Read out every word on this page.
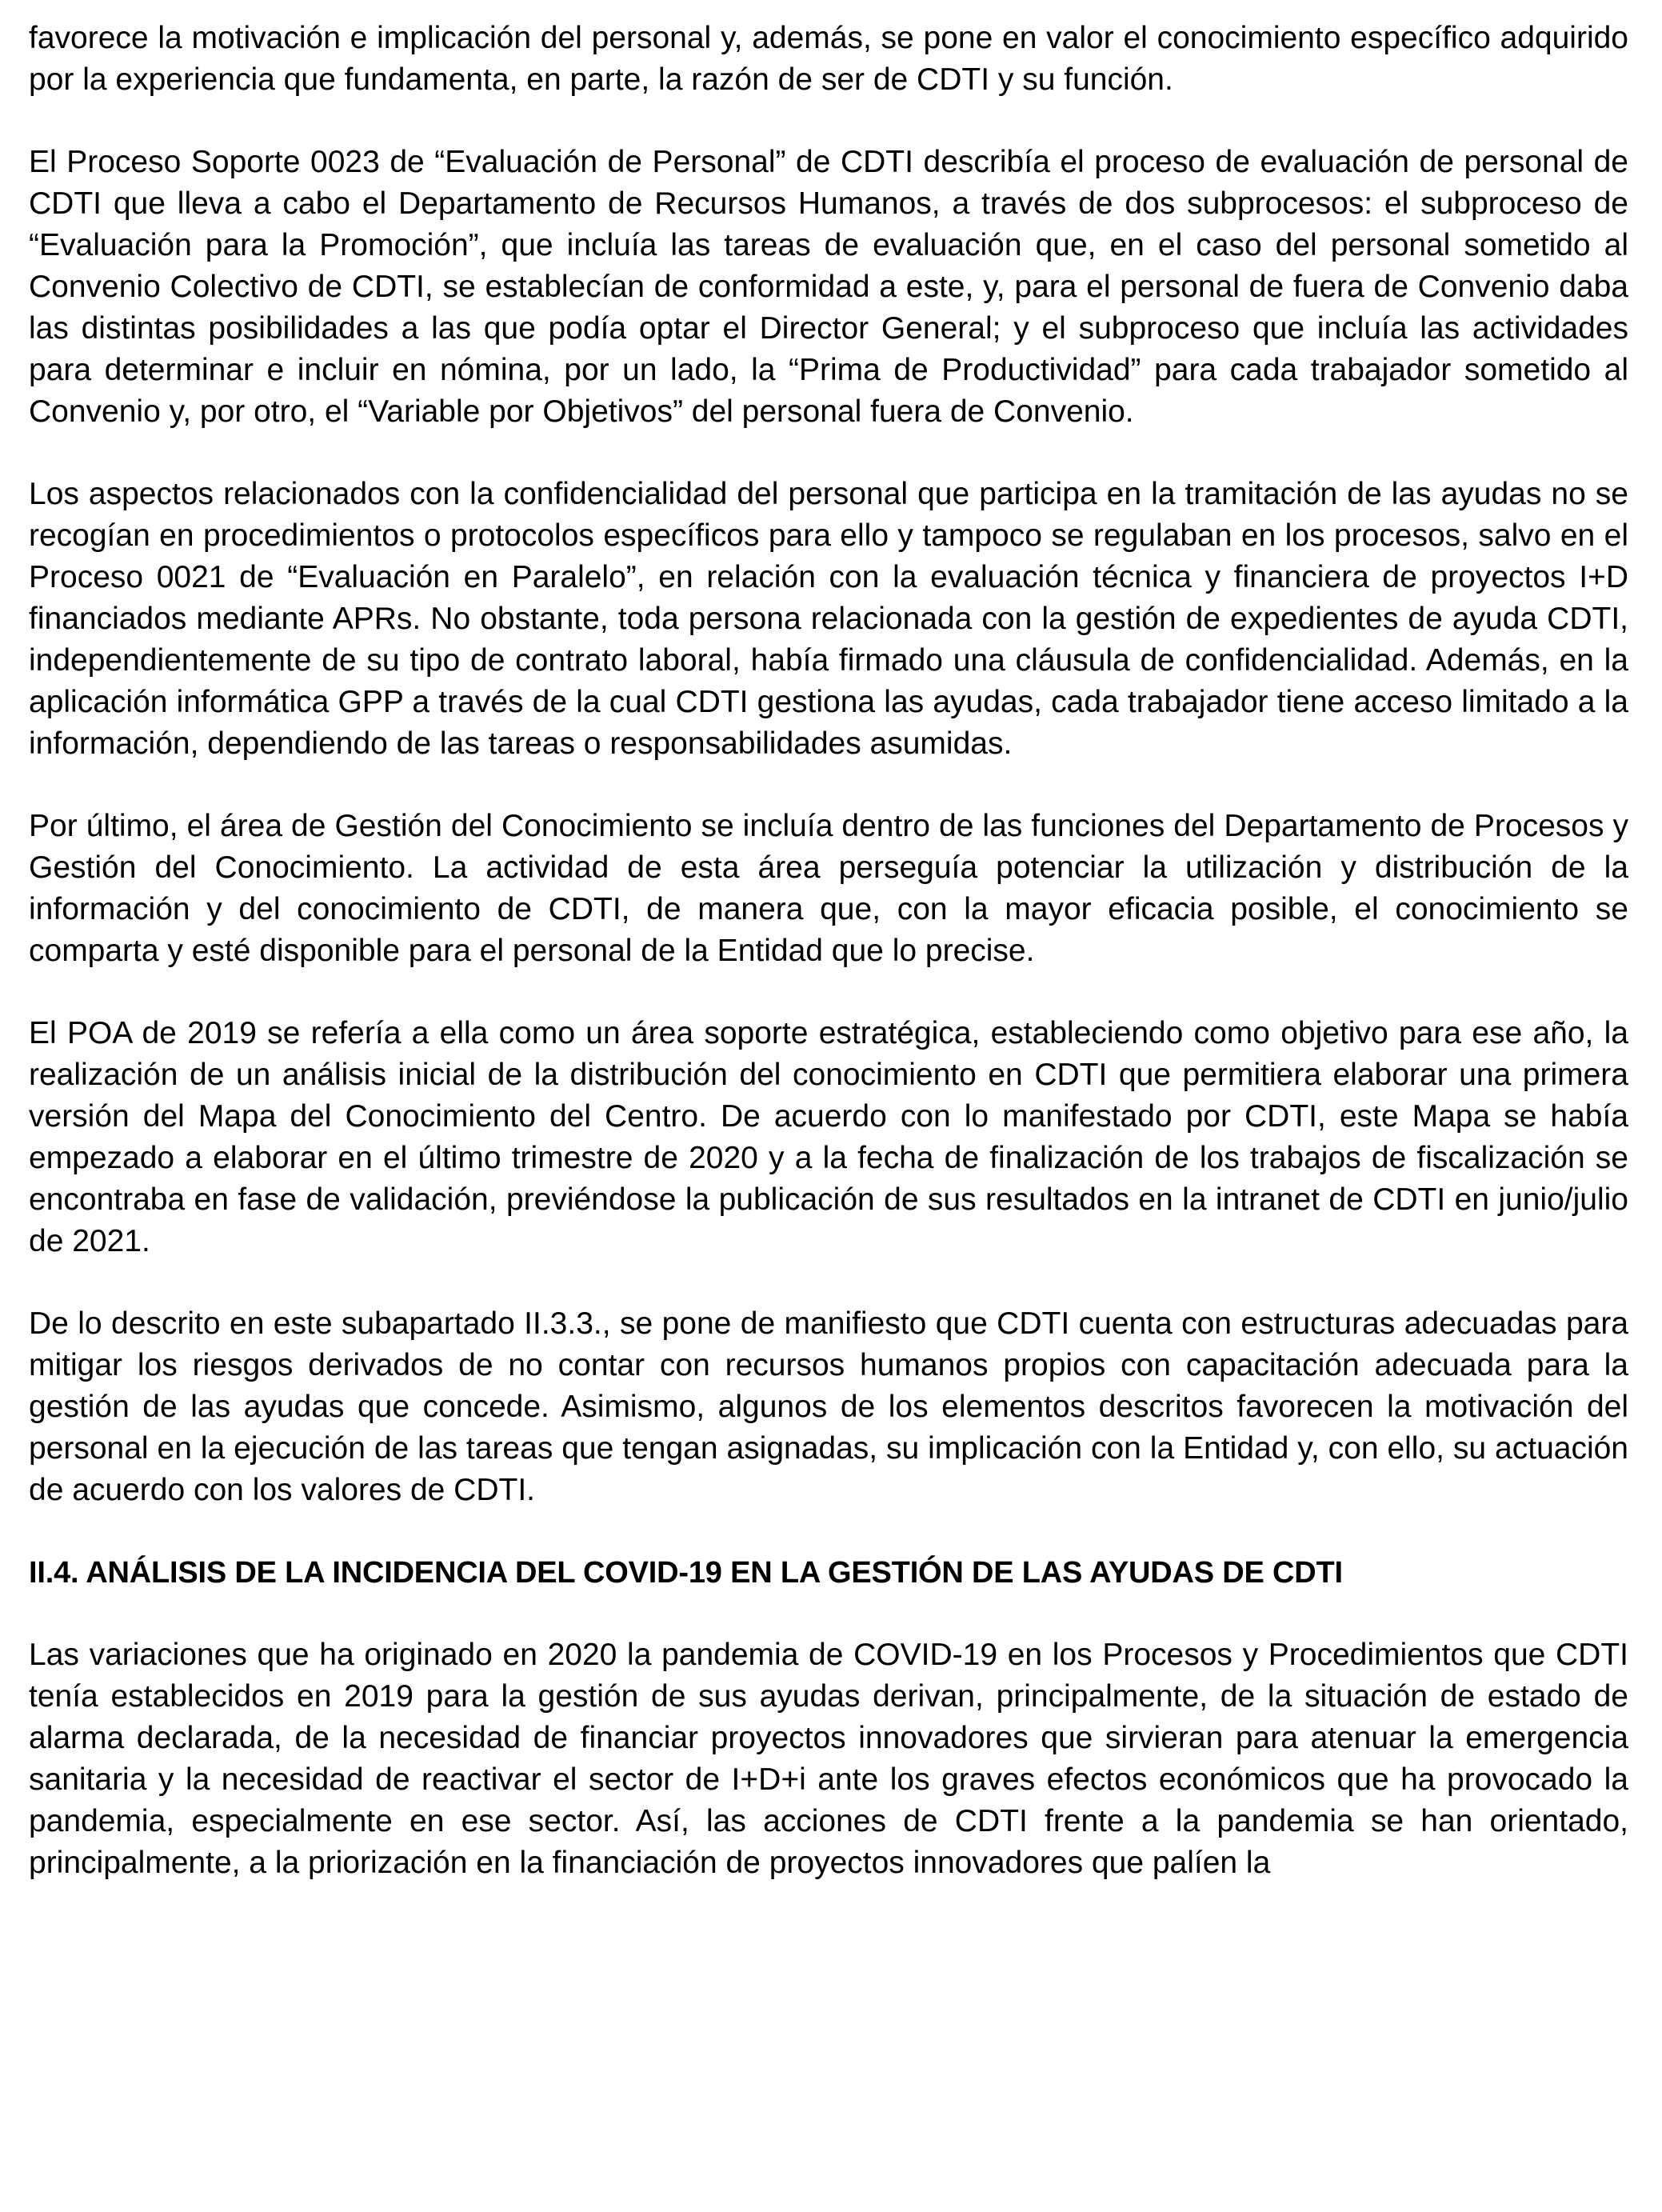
favorece la motivación e implicación del personal y, además, se pone en valor el conocimiento específico adquirido por la experiencia que fundamenta, en parte, la razón de ser de CDTI y su función.

El Proceso Soporte 0023 de “Evaluación de Personal” de CDTI describía el proceso de evaluación de personal de CDTI que lleva a cabo el Departamento de Recursos Humanos, a través de dos subprocesos: el subproceso de “Evaluación para la Promoción”, que incluía las tareas de evaluación que, en el caso del personal sometido al Convenio Colectivo de CDTI, se establecían de conformidad a este, y, para el personal de fuera de Convenio daba las distintas posibilidades a las que podía optar el Director General; y el subproceso que incluía las actividades para determinar e incluir en nómina, por un lado, la “Prima de Productividad” para cada trabajador sometido al Convenio y, por otro, el “Variable por Objetivos” del personal fuera de Convenio.

Los aspectos relacionados con la confidencialidad del personal que participa en la tramitación de las ayudas no se recogían en procedimientos o protocolos específicos para ello y tampoco se regulaban en los procesos, salvo en el Proceso 0021 de “Evaluación en Paralelo”, en relación con la evaluación técnica y financiera de proyectos I+D financiados mediante APRs. No obstante, toda persona relacionada con la gestión de expedientes de ayuda CDTI, independientemente de su tipo de contrato laboral, había firmado una cláusula de confidencialidad. Además, en la aplicación informática GPP a través de la cual CDTI gestiona las ayudas, cada trabajador tiene acceso limitado a la información, dependiendo de las tareas o responsabilidades asumidas.

Por último, el área de Gestión del Conocimiento se incluía dentro de las funciones del Departamento de Procesos y Gestión del Conocimiento. La actividad de esta área perseguía potenciar la utilización y distribución de la información y del conocimiento de CDTI, de manera que, con la mayor eficacia posible, el conocimiento se comparta y esté disponible para el personal de la Entidad que lo precise.

El POA de 2019 se refería a ella como un área soporte estratégica, estableciendo como objetivo para ese año, la realización de un análisis inicial de la distribución del conocimiento en CDTI que permitiera elaborar una primera versión del Mapa del Conocimiento del Centro. De acuerdo con lo manifestado por CDTI, este Mapa se había empezado a elaborar en el último trimestre de 2020 y a la fecha de finalización de los trabajos de fiscalización se encontraba en fase de validación, previéndose la publicación de sus resultados en la intranet de CDTI en junio/julio de 2021.

De lo descrito en este subapartado II.3.3., se pone de manifiesto que CDTI cuenta con estructuras adecuadas para mitigar los riesgos derivados de no contar con recursos humanos propios con capacitación adecuada para la gestión de las ayudas que concede. Asimismo, algunos de los elementos descritos favorecen la motivación del personal en la ejecución de las tareas que tengan asignadas, su implicación con la Entidad y, con ello, su actuación de acuerdo con los valores de CDTI.

II.4. ANÁLISIS DE LA INCIDENCIA DEL COVID-19 EN LA GESTIÓN DE LAS AYUDAS DE CDTI

Las variaciones que ha originado en 2020 la pandemia de COVID-19 en los Procesos y Procedimientos que CDTI tenía establecidos en 2019 para la gestión de sus ayudas derivan, principalmente, de la situación de estado de alarma declarada, de la necesidad de financiar proyectos innovadores que sirvieran para atenuar la emergencia sanitaria y la necesidad de reactivar el sector de I+D+i ante los graves efectos económicos que ha provocado la pandemia, especialmente en ese sector. Así, las acciones de CDTI frente a la pandemia se han orientado, principalmente, a la priorización en la financiación de proyectos innovadores que palíen la
